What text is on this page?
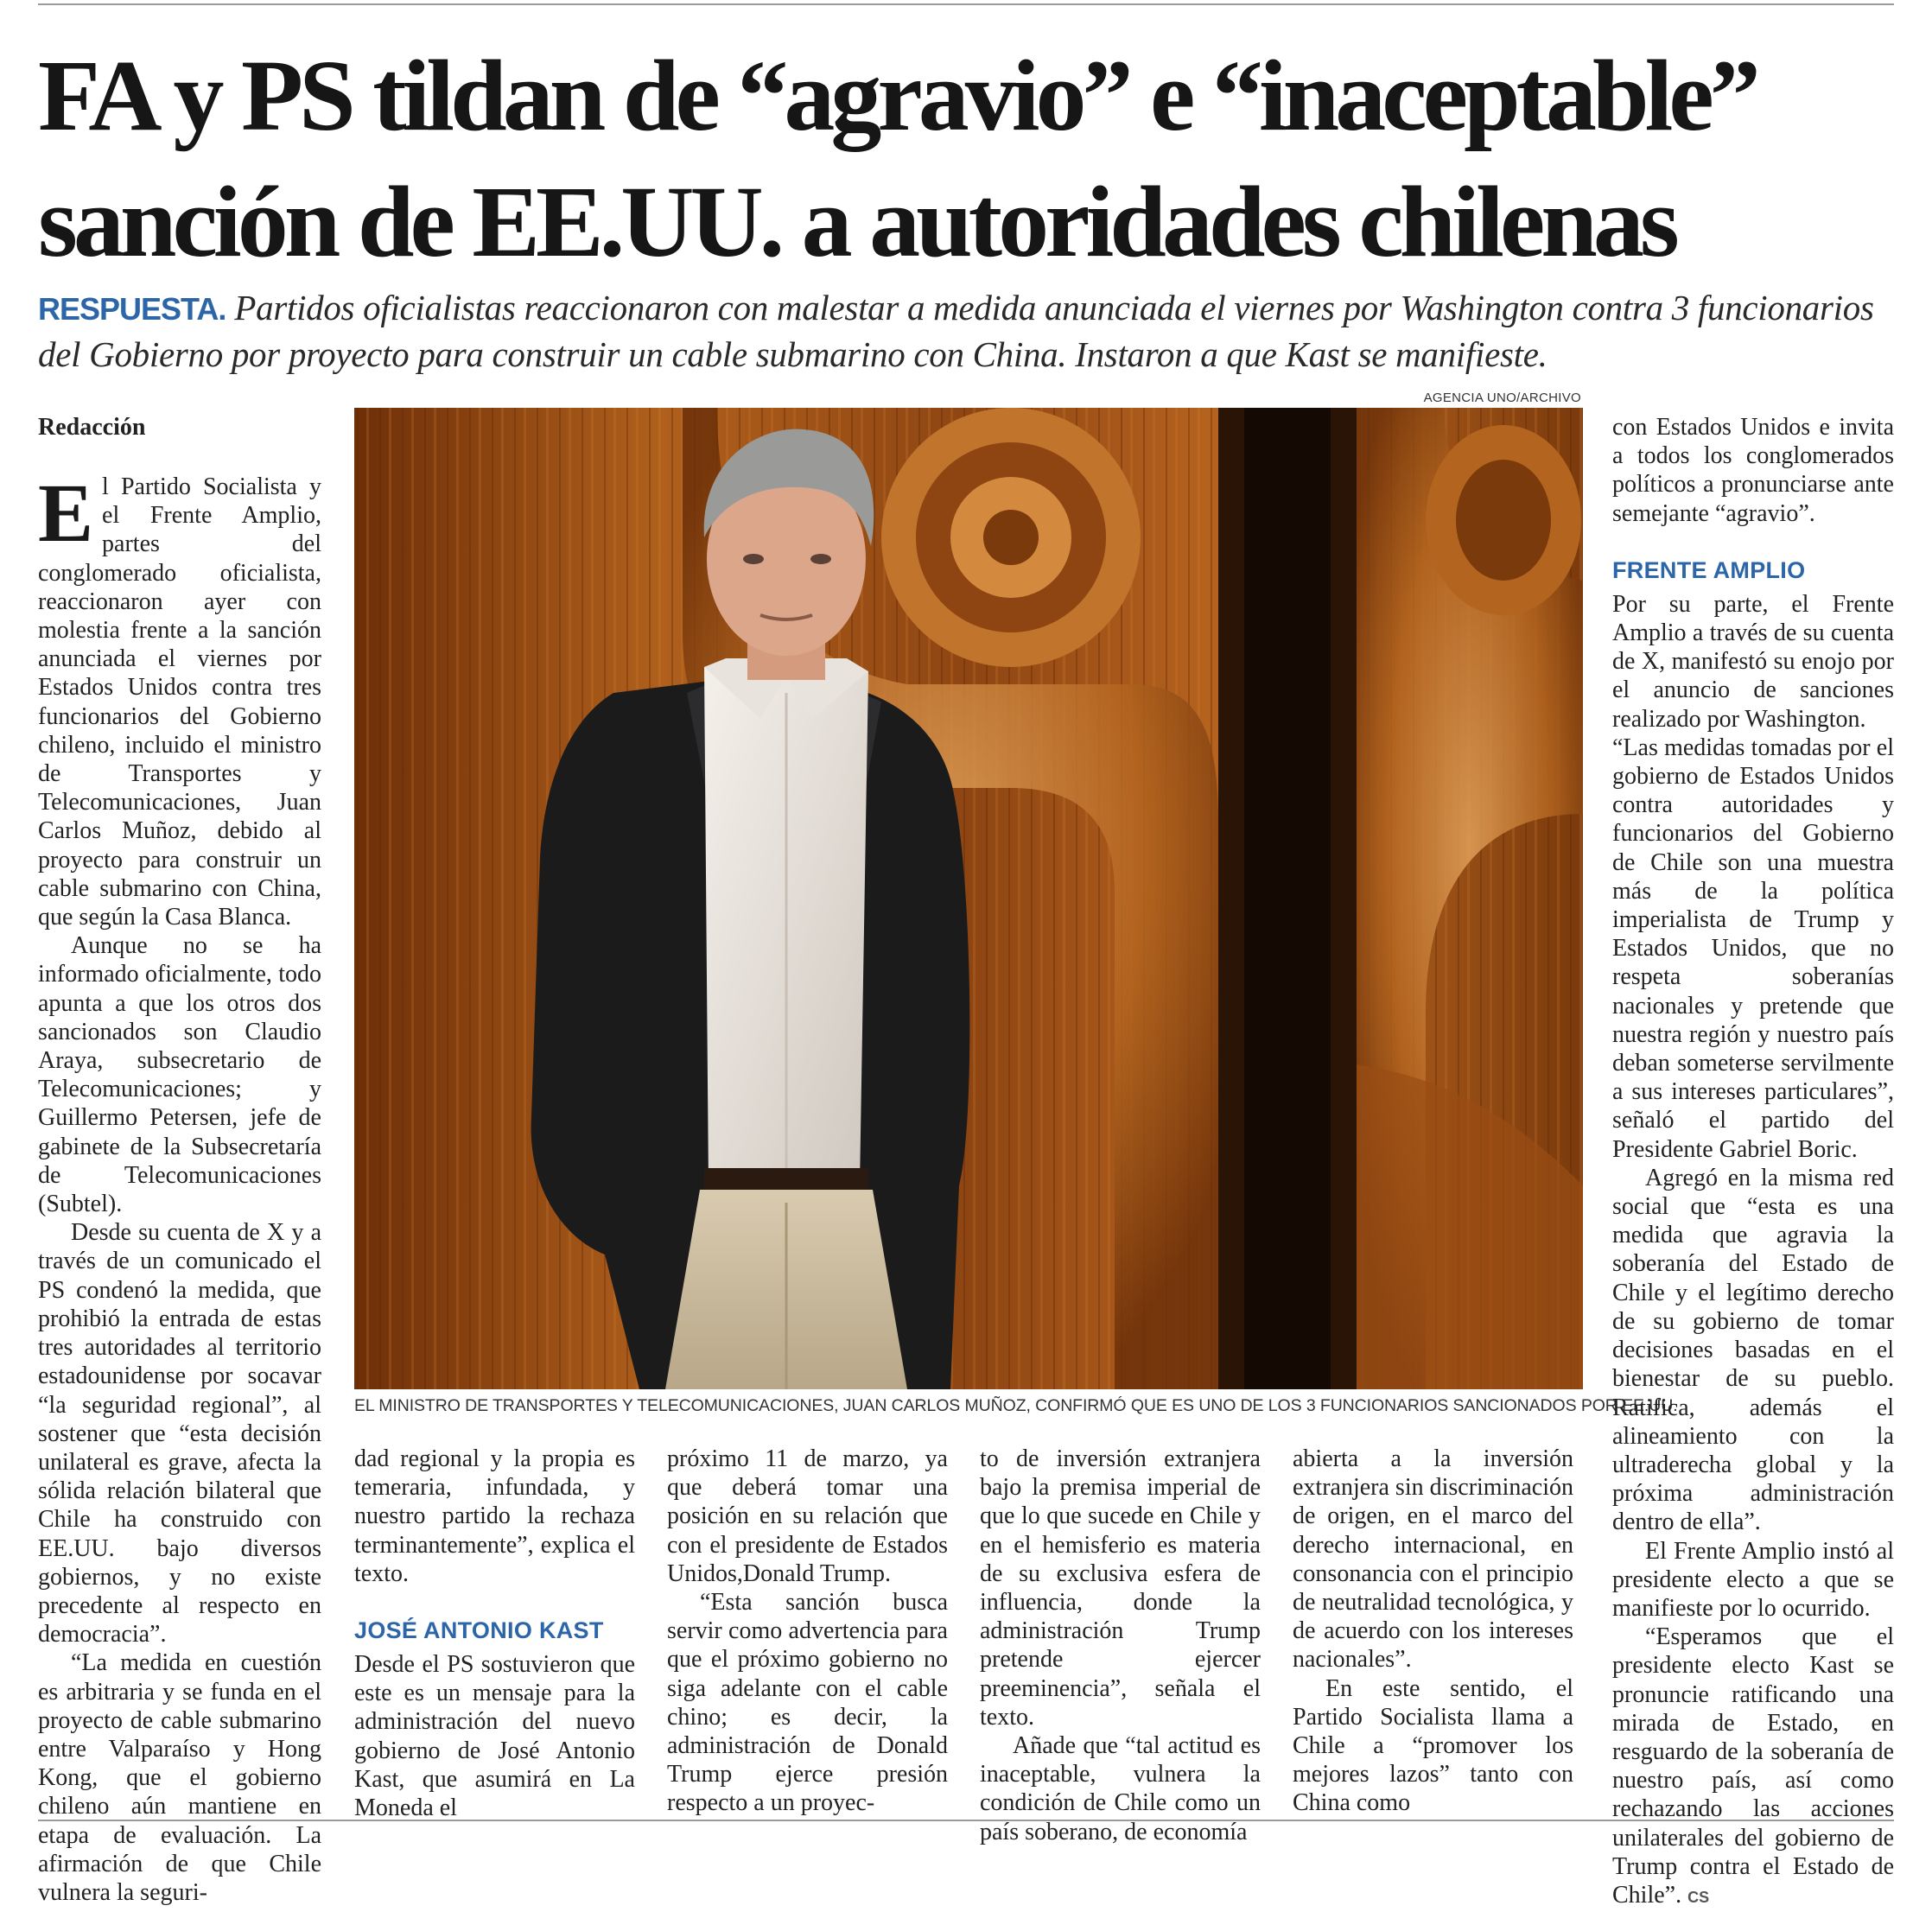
FA y PS tildan de “agravio” e “inaceptable”
sanción de EE.UU. a autoridades chilenas

RESPUESTA. Partidos oficialistas reaccionaron con malestar a medida anunciada el viernes por Washington contra 3 funcionarios del Gobierno por proyecto para construir un cable submarino con China. Instaron a que Kast se manifieste.

Redacción

El Partido Socialista y el Frente Amplio, partes del conglomerado oficialista, reaccionaron ayer con molestia frente a la sanción anunciada el viernes por Estados Unidos contra tres funcionarios del Gobierno chileno, incluido el ministro de Transportes y Telecomunicaciones, Juan Carlos Muñoz, debido al proyecto para construir un cable submarino con China, que según la Casa Blanca.

Aunque no se ha informado oficialmente, todo apunta a que los otros dos sancionados son Claudio Araya, subsecretario de Telecomunicaciones; y Guillermo Petersen, jefe de gabinete de la Subsecretaría de Telecomunicaciones (Subtel).

Desde su cuenta de X y a través de un comunicado el PS condenó la medida, que prohibió la entrada de estas tres autoridades al territorio estadounidense por socavar “la seguridad regional”, al sostener que “esta decisión unilateral es grave, afecta la sólida relación bilateral que Chile ha construido con EE.UU. bajo diversos gobiernos, y no existe precedente al respecto en democracia”.

“La medida en cuestión es arbitraria y se funda en el proyecto de cable submarino entre Valparaíso y Hong Kong, que el gobierno chileno aún mantiene en etapa de evaluación. La afirmación de que Chile vulnera la seguri-

AGENCIA UNO/ARCHIVO
EL MINISTRO DE TRANSPORTES Y TELECOMUNICACIONES, JUAN CARLOS MUÑOZ, CONFIRMÓ QUE ES UNO DE LOS 3 FUNCIONARIOS SANCIONADOS POR EE.UU.

dad regional y la propia es temeraria, infundada, y nuestro partido la rechaza terminantemente”, explica el texto.

JOSÉ ANTONIO KAST

Desde el PS sostuvieron que este es un mensaje para la administración del nuevo gobierno de José Antonio Kast, que asumirá en La Moneda el

próximo 11 de marzo, ya que deberá tomar una posición en su relación que con el presidente de Estados Unidos,Donald Trump.

“Esta sanción busca servir como advertencia para que el próximo gobierno no siga adelante con el cable chino; es decir, la administración de Donald Trump ejerce presión respecto a un proyec-

to de inversión extranjera bajo la premisa imperial de que lo que sucede en Chile y en el hemisferio es materia de su exclusiva esfera de influencia, donde la administración Trump pretende ejercer preeminencia”, señala el texto.

Añade que “tal actitud es inaceptable, vulnera la condición de Chile como un país soberano, de economía

abierta a la inversión extranjera sin discriminación de origen, en el marco del derecho internacional, en consonancia con el principio de neutralidad tecnológica, y de acuerdo con los intereses nacionales”.

En este sentido, el Partido Socialista llama a Chile a “promover los mejores lazos” tanto con China como

con Estados Unidos e invita a todos los conglomerados políticos a pronunciarse ante semejante “agravio”.

FRENTE AMPLIO

Por su parte, el Frente Amplio a través de su cuenta de X, manifestó su enojo por el anuncio de sanciones realizado por Washington.

“Las medidas tomadas por el gobierno de Estados Unidos contra autoridades y funcionarios del Gobierno de Chile son una muestra más de la política imperialista de Trump y Estados Unidos, que no respeta soberanías nacionales y pretende que nuestra región y nuestro país deban someterse servilmente a sus intereses particulares”, señaló el partido del Presidente Gabriel Boric.

Agregó en la misma red social que “esta es una medida que agravia la soberanía del Estado de Chile y el legítimo derecho de su gobierno de tomar decisiones basadas en el bienestar de su pueblo. Ratifica, además el alineamiento con la ultraderecha global y la próxima administración dentro de ella”.

El Frente Amplio instó al presidente electo a que se manifieste por lo ocurrido.

“Esperamos que el presidente electo Kast se pronuncie ratificando una mirada de Estado, en resguardo de la soberanía de nuestro país, así como rechazando las acciones unilaterales del gobierno de Trump contra el Estado de Chile”. CS
